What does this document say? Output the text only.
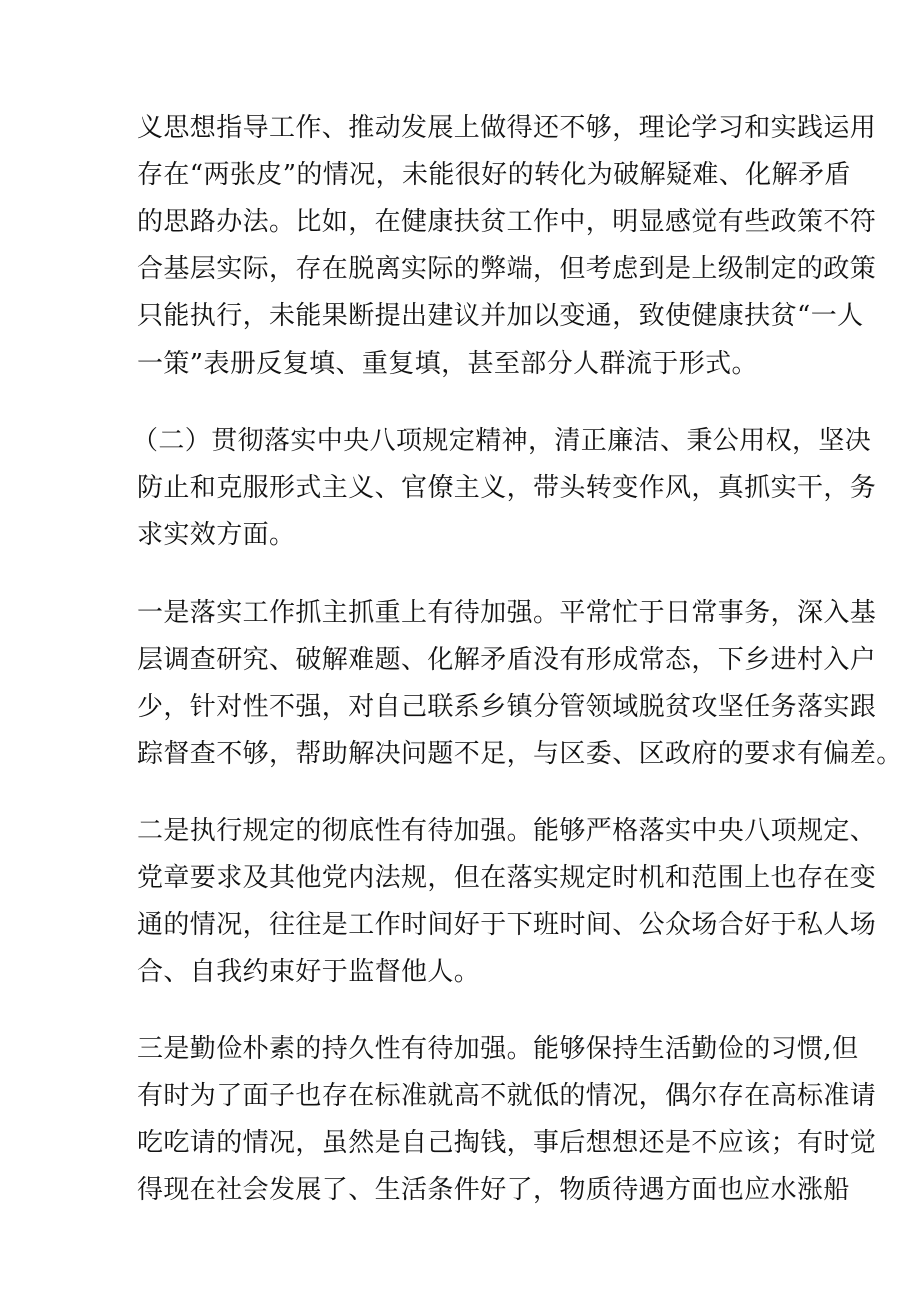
义思想指导工作、推动发展上做得还不够，理论学习和实践运用
存在“两张皮”的情况，未能很好的转化为破解疑难、化解矛盾
的思路办法。比如，在健康扶贫工作中，明显感觉有些政策不符
合基层实际，存在脱离实际的弊端，但考虑到是上级制定的政策
只能执行，未能果断提出建议并加以变通，致使健康扶贫“一人
一策”表册反复填、重复填，甚至部分人群流于形式。
（二）贯彻落实中央八项规定精神，清正廉洁、秉公用权，坚决
防止和克服形式主义、官僚主义，带头转变作风，真抓实干，务
求实效方面。
一是落实工作抓主抓重上有待加强。平常忙于日常事务，深入基
层调查研究、破解难题、化解矛盾没有形成常态，下乡进村入户
少，针对性不强，对自己联系乡镇分管领域脱贫攻坚任务落实跟
踪督查不够，帮助解决问题不足，与区委、区政府的要求有偏差。
二是执行规定的彻底性有待加强。能够严格落实中央八项规定、
党章要求及其他党内法规，但在落实规定时机和范围上也存在变
通的情况，往往是工作时间好于下班时间、公众场合好于私人场
合、自我约束好于监督他人。
三是勤俭朴素的持久性有待加强。能够保持生活勤俭的习惯,但
有时为了面子也存在标准就高不就低的情况，偶尔存在高标准请
吃吃请的情况，虽然是自己掏钱，事后想想还是不应该；有时觉
得现在社会发展了、生活条件好了，物质待遇方面也应水涨船
